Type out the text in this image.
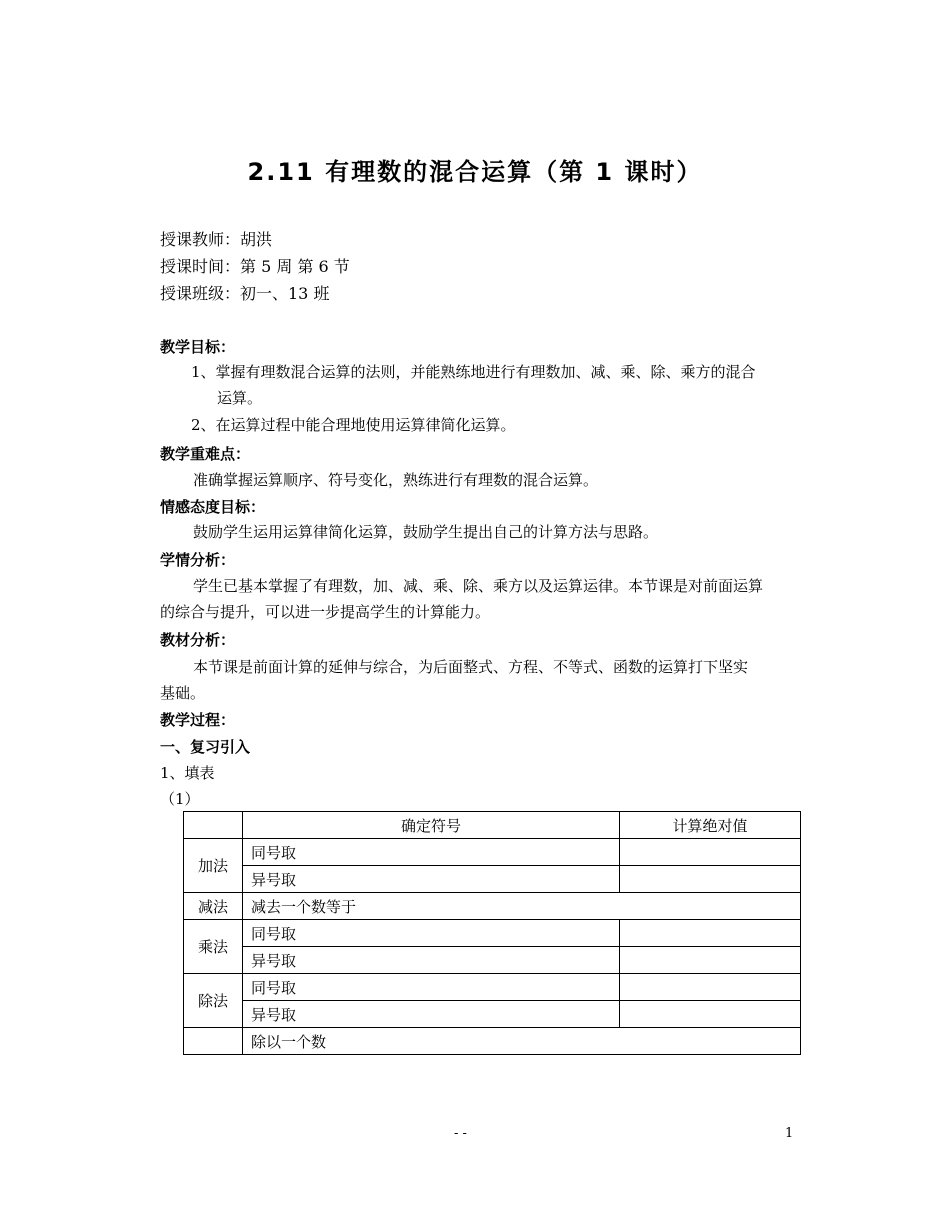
2.11 有理数的混合运算（第 1 课时）
授课教师：胡洪
授课时间：第 5 周 第 6 节
授课班级：初一、13 班
教学目标：
1、掌握有理数混合运算的法则，并能熟练地进行有理数加、减、乘、除、乘方的混合
运算。
2、在运算过程中能合理地使用运算律简化运算。
教学重难点：
准确掌握运算顺序、符号变化，熟练进行有理数的混合运算。
情感态度目标：
鼓励学生运用运算律简化运算，鼓励学生提出自己的计算方法与思路。
学情分析：
学生已基本掌握了有理数，加、减、乘、除、乘方以及运算运律。本节课是对前面运算
的综合与提升，可以进一步提高学生的计算能力。
教材分析：
本节课是前面计算的延伸与综合，为后面整式、方程、不等式、函数的运算打下坚实
基础。
教学过程：
一、复习引入
1、填表
（1）
	确定符号	计算绝对值
加法	同号取	
	异号取	
减法	减去一个数等于	
乘法	同号取	
	异号取	
除法	同号取	
	异号取	
	除以一个数	
- -	1
